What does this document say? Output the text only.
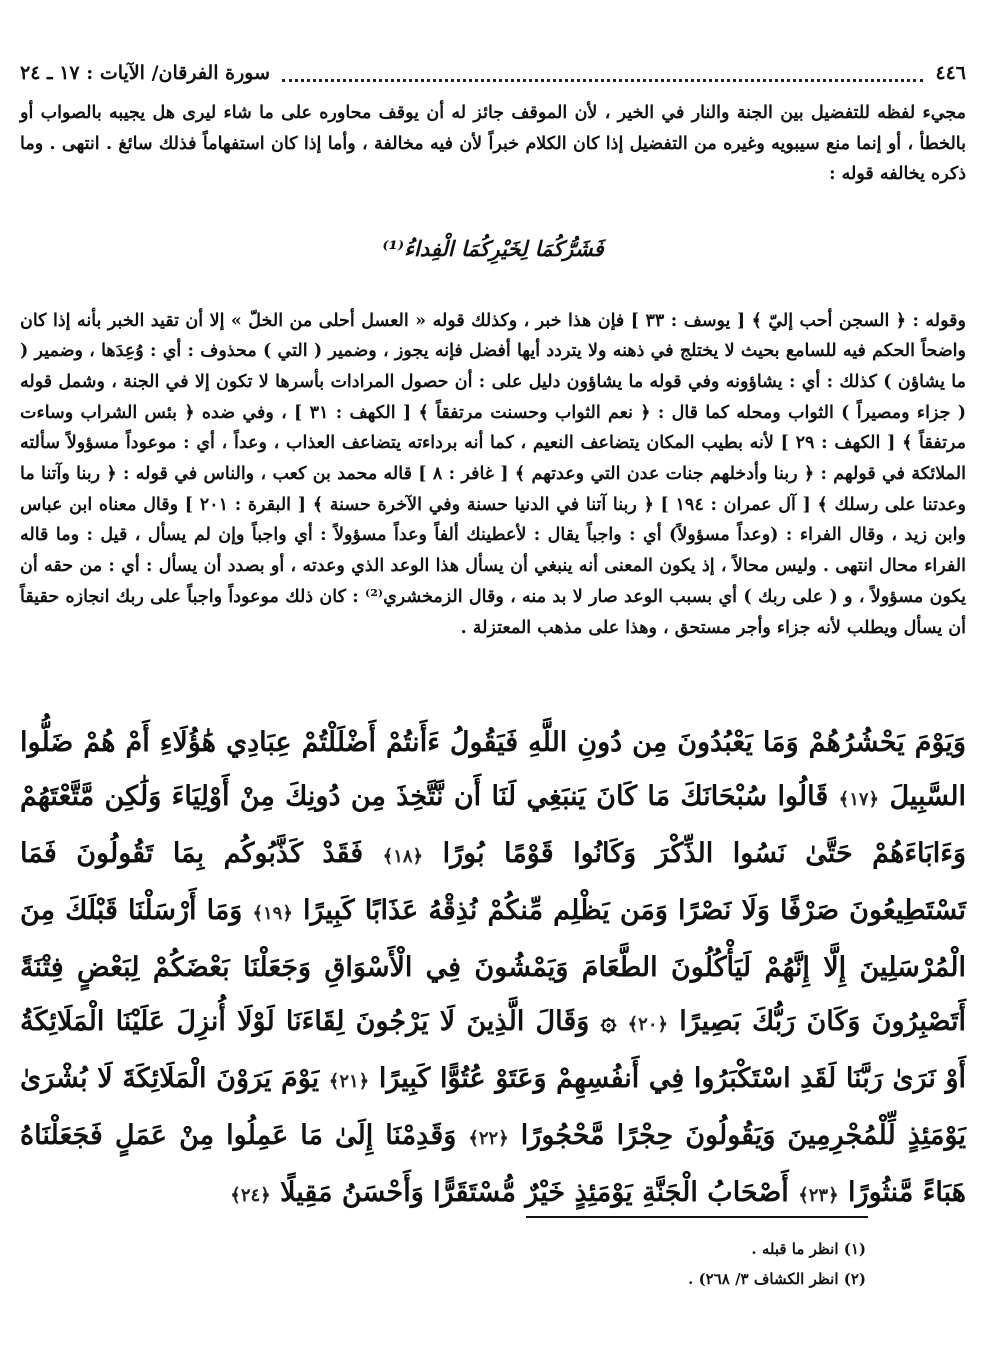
سورة الفرقان/ الآيات : ١٧ ـ ٢٤	٤٤٦

مجيء لفظه للتفضيل بين الجنة والنار في الخير ، لأن الموقف جائز له أن يوقف محاوره على ما شاء ليرى هل يجيبه بالصواب أو بالخطأ ، أو إنما منع سيبويه وغيره من التفضيل إذا كان الكلام خبراً لأن فيه مخالفة ، وأما إذا كان استفهاماً فذلك سائغ . انتهى . وما ذكره يخالفه قوله :

فَشَرُّكُمَا لِخَيْرِكُمَا الْفِداءُ⁽¹⁾

وقوله : ﴿ السجن أحب إليّ ﴾ [ يوسف : ٣٣ ] فإن هذا خبر ، وكذلك قوله « العسل أحلى من الخلّ » إلا أن تقيد الخبر بأنه إذا كان واضحاً الحكم فيه للسامع بحيث لا يختلج في ذهنه ولا يتردد أيها أفضل فإنه يجوز ، وضمير ( التي ) محذوف : أي : وُعِدَها ، وضمير ( ما يشاؤن ) كذلك : أي : يشاؤونه وفي قوله ما يشاؤون دليل على : أن حصول المرادات بأسرها لا تكون إلا في الجنة ، وشمل قوله ( جزاء ومصيراً ) الثواب ومحله كما قال : ﴿ نعم الثواب وحسنت مرتفقاً ﴾ [ الكهف : ٣١ ] ، وفي ضده ﴿ بئس الشراب وساءت مرتفقاً ﴾ [ الكهف : ٢٩ ] لأنه بطيب المكان يتضاعف النعيم ، كما أنه برداءته يتضاعف العذاب ، وعداً ، أي : موعوداً مسؤولاً سألته الملائكة في قولهم : ﴿ ربنا وأدخلهم جنات عدن التي وعدتهم ﴾ [ غافر : ٨ ] قاله محمد بن كعب ، والناس في قوله : ﴿ ربنا وآتنا ما وعدتنا على رسلك ﴾ [ آل عمران : ١٩٤ ] ﴿ ربنا آتنا في الدنيا حسنة وفي الآخرة حسنة ﴾ [ البقرة : ٢٠١ ] وقال معناه ابن عباس وابن زيد ، وقال الفراء : (وعداً مسؤولاً) أي : واجباً يقال : لأعطينك ألفاً وعداً مسؤولاً : أي واجباً وإن لم يسأل ، قيل : وما قاله الفراء محال انتهى . وليس محالاً ، إذ يكون المعنى أنه ينبغي أن يسأل هذا الوعد الذي وعدته ، أو بصدد أن يسأل : أي : من حقه أن يكون مسؤولاً ، و ( على ربك ) أي بسبب الوعد صار لا بد منه ، وقال الزمخشري⁽²⁾ : كان ذلك موعوداً واجباً على ربك انجازه حقيقاً أن يسأل ويطلب لأنه جزاء وأجر مستحق ، وهذا على مذهب المعتزلة .

وَيَوْمَ يَحْشُرُهُمْ وَمَا يَعْبُدُونَ مِن دُونِ اللَّهِ فَيَقُولُ ءَأَنتُمْ أَضْلَلْتُمْ عِبَادِي هَٰؤُلَاءِ أَمْ هُمْ ضَلُّوا السَّبِيلَ ﴿١٧﴾ قَالُوا سُبْحَانَكَ مَا كَانَ يَنبَغِي لَنَا أَن نَّتَّخِذَ مِن دُونِكَ مِنْ أَوْلِيَاءَ وَلَٰكِن مَّتَّعْتَهُمْ وَءَابَاءَهُمْ حَتَّىٰ نَسُوا الذِّكْرَ وَكَانُوا قَوْمًا بُورًا ﴿١٨﴾ فَقَدْ كَذَّبُوكُم بِمَا تَقُولُونَ فَمَا تَسْتَطِيعُونَ صَرْفًا وَلَا نَصْرًا وَمَن يَظْلِم مِّنكُمْ نُذِقْهُ عَذَابًا كَبِيرًا ﴿١٩﴾ وَمَا أَرْسَلْنَا قَبْلَكَ مِنَ الْمُرْسَلِينَ إِلَّا إِنَّهُمْ لَيَأْكُلُونَ الطَّعَامَ وَيَمْشُونَ فِي الْأَسْوَاقِ وَجَعَلْنَا بَعْضَكُمْ لِبَعْضٍ فِتْنَةً أَتَصْبِرُونَ وَكَانَ رَبُّكَ بَصِيرًا ﴿٢٠﴾ ۞ وَقَالَ الَّذِينَ لَا يَرْجُونَ لِقَاءَنَا لَوْلَا أُنزِلَ عَلَيْنَا الْمَلَائِكَةُ أَوْ نَرَىٰ رَبَّنَا لَقَدِ اسْتَكْبَرُوا فِي أَنفُسِهِمْ وَعَتَوْ عُتُوًّا كَبِيرًا ﴿٢١﴾ يَوْمَ يَرَوْنَ الْمَلَائِكَةَ لَا بُشْرَىٰ يَوْمَئِذٍ لِّلْمُجْرِمِينَ وَيَقُولُونَ حِجْرًا مَّحْجُورًا ﴿٢٢﴾ وَقَدِمْنَا إِلَىٰ مَا عَمِلُوا مِنْ عَمَلٍ فَجَعَلْنَاهُ هَبَاءً مَّنثُورًا ﴿٢٣﴾ أَصْحَابُ الْجَنَّةِ يَوْمَئِذٍ خَيْرٌ مُّسْتَقَرًّا وَأَحْسَنُ مَقِيلًا ﴿٢٤﴾
(١) انظر ما قبله .
(٢) انظر الكشاف ٣/ ٢٦٨) .
